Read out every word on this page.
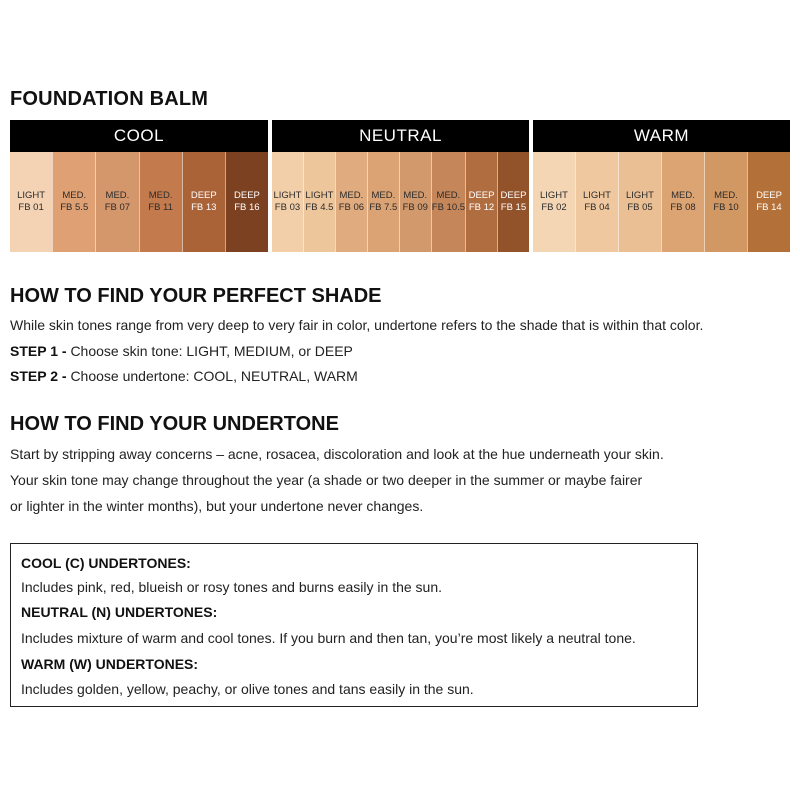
FOUNDATION BALM
COOL
LIGHT
FB 01
MED.
FB 5.5
MED.
FB 07
MED.
FB 11
DEEP
FB 13
DEEP
FB 16
NEUTRAL
LIGHT
FB 03
LIGHT
FB 4.5
MED.
FB 06
MED.
FB 7.5
MED.
FB 09
MED.
FB 10.5
DEEP
FB 12
DEEP
FB 15
WARM
LIGHT
FB 02
LIGHT
FB 04
LIGHT
FB 05
MED.
FB 08
MED.
FB 10
DEEP
FB 14
HOW TO FIND YOUR PERFECT SHADE

While skin tones range from very deep to very fair in color, undertone refers to the shade that is within that color.

STEP 1 - Choose skin tone: LIGHT, MEDIUM, or DEEP

STEP 2 - Choose undertone: COOL, NEUTRAL, WARM

HOW TO FIND YOUR UNDERTONE

Start by stripping away concerns – acne, rosacea, discoloration and look at the hue underneath your skin.

Your skin tone may change throughout the year (a shade or two deeper in the summer or maybe fairer

or lighter in the winter months), but your undertone never changes.

COOL (C) UNDERTONES:

Includes pink, red, blueish or rosy tones and burns easily in the sun.

NEUTRAL (N) UNDERTONES:

Includes mixture of warm and cool tones. If you burn and then tan, you’re most likely a neutral tone.

WARM (W) UNDERTONES:

Includes golden, yellow, peachy, or olive tones and tans easily in the sun.
